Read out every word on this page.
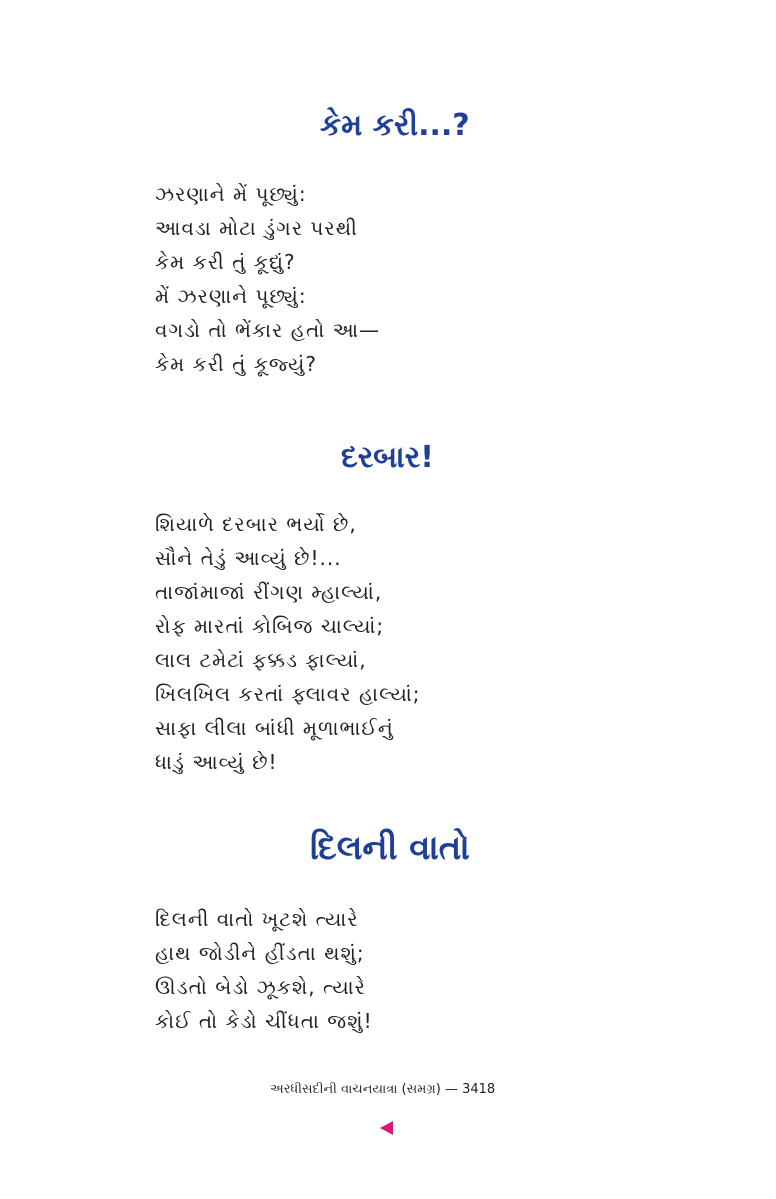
કેમ કરી...?
ઝરણાને મેં પૂછ્યું:
આવડા મોટા ડુંગર પરથી
કેમ કરી તું કૂદ્યું?
મેં ઝરણાને પૂછ્યું:
વગડો તો ભેંકાર હતો આ—
કેમ કરી તું કૂજ્યું?
દરબાર!
શિયાળે દરબાર ભર્યો છે,
સૌને તેડું આવ્યું છે!...
તાજાંમાજાં રીંગણ મ્હાલ્યાં,
રોફ મારતાં કોબિજ ચાલ્યાં;
લાલ ટમેટાં ફક્કડ ફાલ્યાં,
ખિલખિલ કરતાં ફ્લાવર હાલ્યાં;
સાફા લીલા બાંધી મૂળાભાઈનું
ધાડું આવ્યું છે!
દિલની વાતો
દિલની વાતો ખૂટશે ત્યારે
હાથ જોડીને હીંડતા થશું;
ઊડતો બેડો ઝૂકશે, ત્યારે
કોઈ તો કેડો ચીંધતા જશું!
અરધીસદીની વાચનયાત્રા (સમગ્ર) — 3418
